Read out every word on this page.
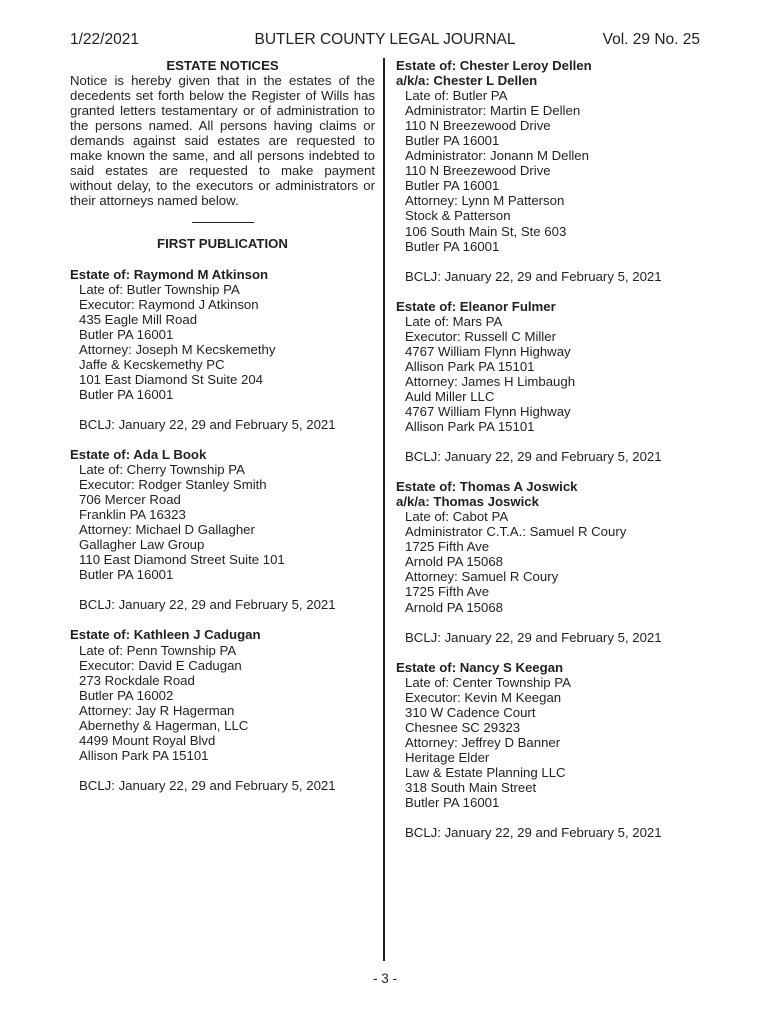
1/22/2021	BUTLER COUNTY LEGAL JOURNAL	Vol. 29 No. 25
ESTATE NOTICES
Notice is hereby given that in the estates of the decedents set forth below the Register of Wills has granted letters testamentary or of administration to the persons named. All persons having claims or demands against said estates are requested to make known the same, and all persons indebted to said estates are requested to make payment without delay, to the executors or administrators or their attorneys named below.
FIRST PUBLICATION
Estate of: Raymond M Atkinson
Late of: Butler Township PA
Executor: Raymond J Atkinson
435 Eagle Mill Road
Butler PA 16001
Attorney: Joseph M Kecskemethy
Jaffe & Kecskemethy PC
101 East Diamond St Suite 204
Butler PA 16001
BCLJ: January 22, 29 and February 5, 2021
Estate of: Ada L Book
Late of: Cherry Township PA
Executor: Rodger Stanley Smith
706 Mercer Road
Franklin PA 16323
Attorney: Michael D Gallagher
Gallagher Law Group
110 East Diamond Street Suite 101
Butler PA 16001
BCLJ: January 22, 29 and February 5, 2021
Estate of: Kathleen J Cadugan
Late of: Penn Township PA
Executor: David E Cadugan
273 Rockdale Road
Butler PA 16002
Attorney: Jay R Hagerman
Abernethy & Hagerman, LLC
4499 Mount Royal Blvd
Allison Park PA 15101
BCLJ: January 22, 29 and February 5, 2021
Estate of: Chester Leroy Dellen
a/k/a: Chester L Dellen
Late of: Butler PA
Administrator: Martin E Dellen
110 N Breezewood Drive
Butler PA 16001
Administrator: Jonann M Dellen
110 N Breezewood Drive
Butler PA 16001
Attorney: Lynn M Patterson
Stock & Patterson
106 South Main St, Ste 603
Butler PA 16001
BCLJ: January 22, 29 and February 5, 2021
Estate of: Eleanor Fulmer
Late of: Mars PA
Executor: Russell C Miller
4767 William Flynn Highway
Allison Park PA 15101
Attorney: James H Limbaugh
Auld Miller LLC
4767 William Flynn Highway
Allison Park PA 15101
BCLJ: January 22, 29 and February 5, 2021
Estate of: Thomas A Joswick
a/k/a: Thomas Joswick
Late of: Cabot PA
Administrator C.T.A.: Samuel R Coury
1725 Fifth Ave
Arnold PA 15068
Attorney: Samuel R Coury
1725 Fifth Ave
Arnold PA 15068
BCLJ: January 22, 29 and February 5, 2021
Estate of: Nancy S Keegan
Late of: Center Township PA
Executor: Kevin M Keegan
310 W Cadence Court
Chesnee SC 29323
Attorney: Jeffrey D Banner
Heritage Elder
Law & Estate Planning LLC
318 South Main Street
Butler PA 16001
BCLJ: January 22, 29 and February 5, 2021
- 3 -
